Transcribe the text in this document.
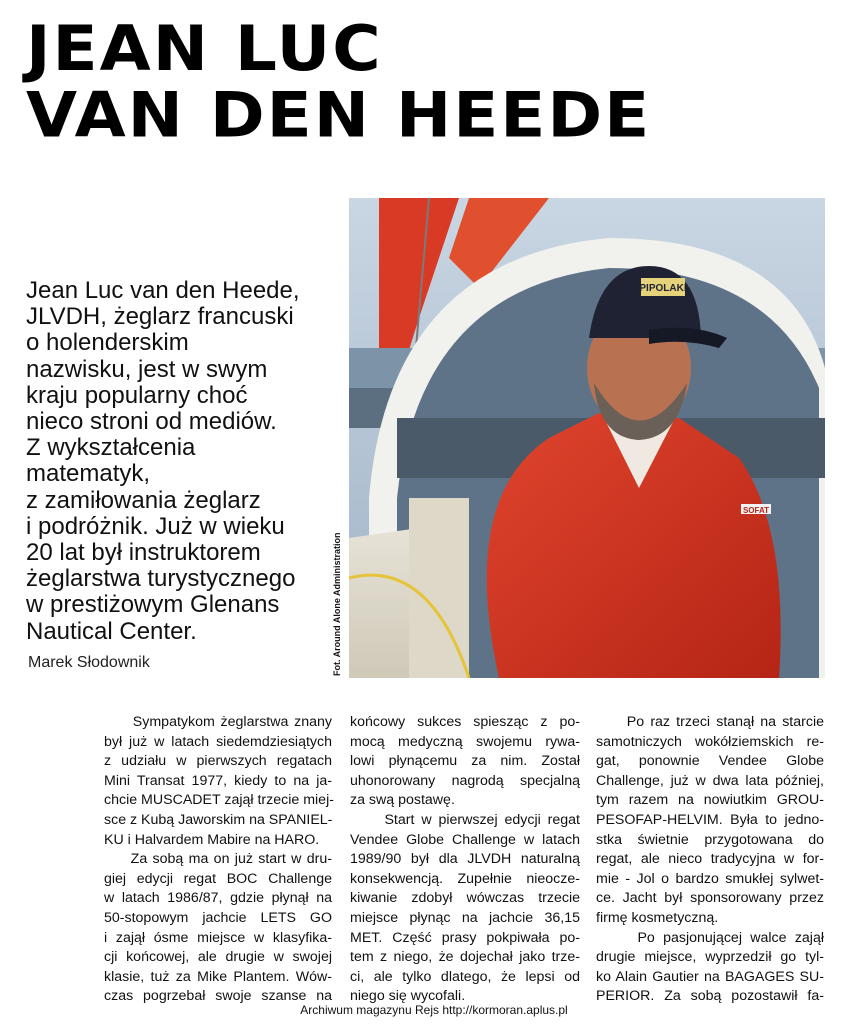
JEAN LUC
VAN DEN HEEDE
Jean Luc van den Heede,
JLVDH, żeglarz francuski
o holenderskim
nazwisku, jest w swym
kraju popularny choć
nieco stroni od mediów.
Z wykształcenia
matematyk,
z zamiłowania żeglarz
i podróżnik. Już w wieku
20 lat był instruktorem
żeglarstwa turystycznego
w prestiżowym Glenans
Nautical Center.
Marek Słodownik
PIPOLAKI
SOFAT
Fot. Around Alone Administration
Sympatykom żeglarstwa znany
był już w latach siedemdziesiątych
z udziału w pierwszych regatach
Mini Transat 1977, kiedy to na ja-
chcie MUSCADET zajął trzecie miej-
sce z Kubą Jaworskim na SPANIEL-
KU i Halvardem Mabire na HARO.
Za sobą ma on już start w dru-
giej edycji regat BOC Challenge
w latach 1986/87, gdzie płynął na
50-stopowym jachcie LETS GO
i zajął ósme miejsce w klasyfika-
cji końcowej, ale drugie w swojej
klasie, tuż za Mike Plantem. Wów-
czas pogrzebał swoje szanse na
końcowy sukces spiesząc z po-
mocą medyczną swojemu rywa-
lowi płynącemu za nim. Został
uhonorowany nagrodą specjalną
za swą postawę.
Start w pierwszej edycji regat
Vendee Globe Challenge w latach
1989/90 był dla JLVDH naturalną
konsekwencją. Zupełnie nieocze-
kiwanie zdobył wówczas trzecie
miejsce płynąc na jachcie 36,15
MET. Część prasy pokpiwała po-
tem z niego, że dojechał jako trze-
ci, ale tylko dlatego, że lepsi od
niego się wycofali.
Po raz trzeci stanął na starcie
samotniczych wokółziemskich re-
gat, ponownie Vendee Globe
Challenge, już w dwa lata później,
tym razem na nowiutkim GROU-
PESOFAP-HELVIM. Była to jedno-
stka świetnie przygotowana do
regat, ale nieco tradycyjna w for-
mie - Jol o bardzo smukłej sylwet-
ce. Jacht był sponsorowany przez
firmę kosmetyczną.
Po pasjonującej walce zajął
drugie miejsce, wyprzedził go tyl-
ko Alain Gautier na BAGAGES SU-
PERIOR. Za sobą pozostawił fa-
Archiwum magazynu Rejs http://kormoran.aplus.pl
